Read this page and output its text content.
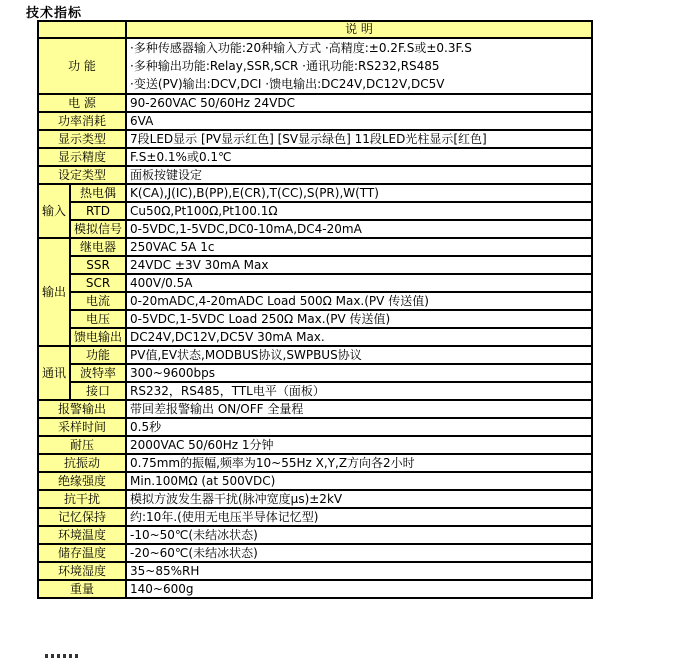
技术指标
		说 明
功 能		·多种传感器输入功能:20种输入方式 ·高精度:±0.2F.S或±0.3F.S
·多种输出功能:Relay,SSR,SCR ·通讯功能:RS232,RS485
·变送(PV)输出:DCV,DCI ·馈电输出:DC24V,DC12V,DC5V

电 源		90-260VAC 50/60Hz 24VDC
功率消耗		6VA
显示类型		7段LED显示 [PV显示红色] [SV显示绿色] 11段LED光柱显示[红色]
显示精度		F.S±0.1%或0.1℃
设定类型		面板按键设定
输入	热电偶	K(CA),J(IC),B(PP),E(CR),T(CC),S(PR),W(TT)
	RTD	Cu50Ω,Pt100Ω,Pt100.1Ω
	模拟信号	0-5VDC,1-5VDC,DC0-10mA,DC4-20mA
输出	继电器	250VAC 5A 1c
	SSR	24VDC ±3V 30mA Max
	SCR	400V/0.5A
	电流	0-20mADC,4-20mADC Load 500Ω Max.(PV 传送值)
	电压	0-5VDC,1-5VDC Load 250Ω Max.(PV 传送值)
	馈电输出	DC24V,DC12V,DC5V 30mA Max.
通讯	功能	PV值,EV状态,MODBUS协议,SWPBUS协议
	波特率	300~9600bps
	接口	RS232，RS485，TTL电平（面板）
报警输出		带回差报警输出 ON/OFF 全量程
采样时间		0.5秒
耐压		2000VAC 50/60Hz 1分钟
抗振动		0.75mm的振幅,频率为10~55Hz X,Y,Z方向各2小时
绝缘强度		Min.100MΩ (at 500VDC)
抗干扰		模拟方波发生器干扰(脉冲宽度μs)±2kV
记忆保持		约:10年.(使用无电压半导体记忆型)
环境温度		-10~50℃(未结冰状态)
储存温度		-20~60℃(未结冰状态)
环境湿度		35~85%RH
重量		140~600g
